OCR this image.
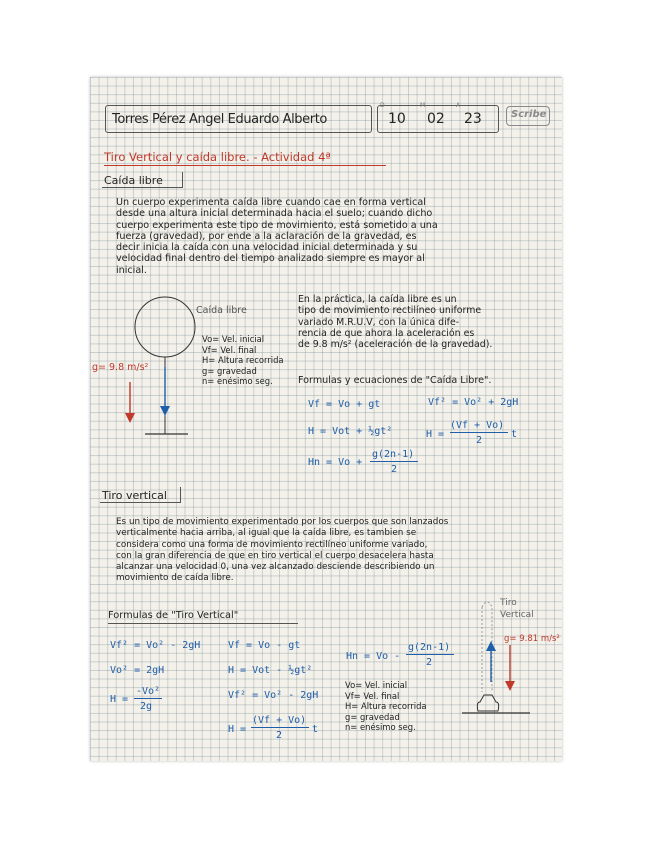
Torres Pérez Angel Eduardo Alberto
D
10
M
02
A
23	Scribe
Tiro Vertical y caída libre. - Actividad 4ª
Caída libre
Un cuerpo experimenta caída libre cuando cae en forma vertical
desde una altura inicial determinada hacia el suelo; cuando dicho
cuerpo experimenta este tipo de movimiento, está sometido a una
fuerza (gravedad), por ende a la aclaración de la gravedad, es
decir inicia la caída con una velocidad inicial determinada y su
velocidad final dentro del tiempo analizado siempre es mayor al
inicial.
Caída libre
g= 9.8 m/s²
Vo= Vel. inicial
Vf= Vel. final
H= Altura recorrida
g= gravedad
n= enésimo seg.
En la práctica, la caída libre es un
tipo de movimiento rectilíneo uniforme
variado M.R.U.V, con la única dife-
rencia de que ahora la aceleración es
de 9.8 m/s² (aceleración de la gravedad).
Formulas y ecuaciones de "Caída Libre".
Vf = Vo + gt	Vf² = Vo² + 2gH
H = Vot + ½gt²	H =
(Vf + Vo)
2
t
Hn = Vo +
g(2n-1)
2
Tiro vertical
Es un tipo de movimiento experimentado por los cuerpos que son lanzados
verticalmente hacia arriba, al igual que la caída libre, es tambien se
considera como una forma de movimiento rectilíneo uniforme variado,
con la gran diferencia de que en tiro vertical el cuerpo desacelera hasta
alcanzar una velocidad 0, una vez alcanzado desciende describiendo un
movimiento de caída libre.
Formulas de "Tiro Vertical"
Vf² = Vo² - 2gH
Vo² = 2gH
H =
-Vo²
2g
Vf = Vo - gt
H = Vot - ½gt²
Vf² = Vo² - 2gH
H =
(Vf + Vo)
2
t
Hn = Vo -
g(2n-1)
2
Vo= Vel. inicial
Vf= Vel. final
H= Altura recorrida
g= gravedad
n= enésimo seg.
Tiro
Vertical
g= 9.81 m/s²
